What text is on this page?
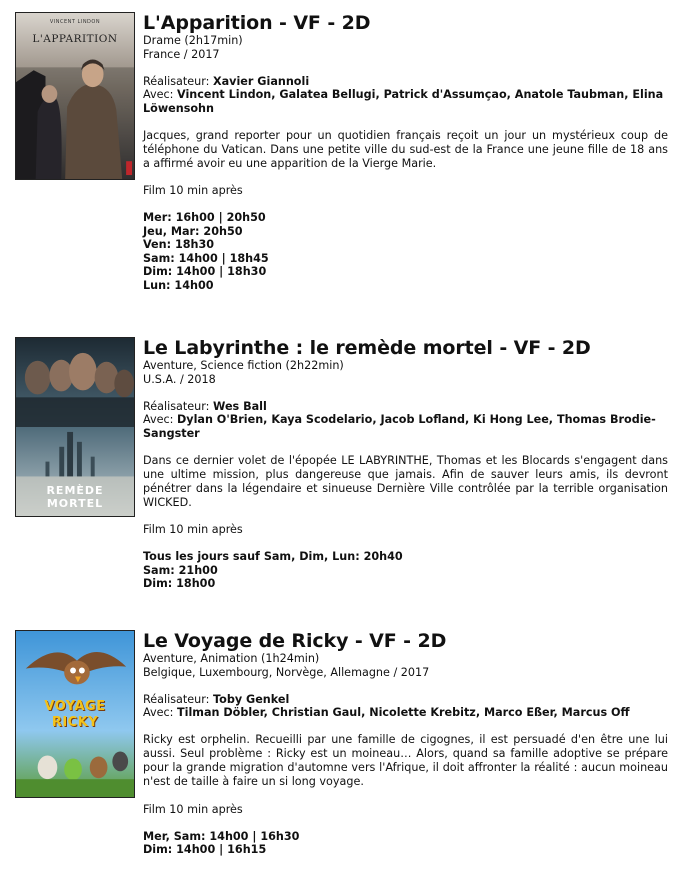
VINCENT LINDON
L'APPARITION
L'Apparition - VF - 2D
Drame (2h17min)
France / 2017
Réalisateur: Xavier Giannoli
Avec: Vincent Lindon, Galatea Bellugi, Patrick d'Assumçao, Anatole Taubman, Elina Löwensohn
Jacques, grand reporter pour un quotidien français reçoit un jour un mystérieux coup de téléphone du Vatican. Dans une petite ville du sud-est de la France une jeune fille de 18 ans a affirmé avoir eu une apparition de la Vierge Marie.
Film 10 min après
Mer: 16h00 | 20h50
Jeu, Mar: 20h50
Ven: 18h30
Sam: 14h00 | 18h45
Dim: 14h00 | 18h30
Lun: 14h00
REMÈDE
MORTEL
Le Labyrinthe : le remède mortel - VF - 2D
Aventure, Science fiction (2h22min)
U.S.A. / 2018
Réalisateur: Wes Ball
Avec: Dylan O'Brien, Kaya Scodelario, Jacob Lofland, Ki Hong Lee, Thomas Brodie-Sangster
Dans ce dernier volet de l'épopée LE LABYRINTHE, Thomas et les Blocards s'engagent dans une ultime mission, plus dangereuse que jamais. Afin de sauver leurs amis, ils devront pénétrer dans la légendaire et sinueuse Dernière Ville contrôlée par la terrible organisation WICKED.
Film 10 min après
Tous les jours sauf Sam, Dim, Lun: 20h40
Sam: 21h00
Dim: 18h00
VOYAGE
RICKY
Le Voyage de Ricky - VF - 2D
Aventure, Animation (1h24min)
Belgique, Luxembourg, Norvège, Allemagne / 2017
Réalisateur: Toby Genkel
Avec: Tilman Döbler, Christian Gaul, Nicolette Krebitz, Marco Eßer, Marcus Off
Ricky est orphelin. Recueilli par une famille de cigognes, il est persuadé d'en être une lui aussi. Seul problème : Ricky est un moineau… Alors, quand sa famille adoptive se prépare pour la grande migration d'automne vers l'Afrique, il doit affronter la réalité : aucun moineau n'est de taille à faire un si long voyage.
Film 10 min après
Mer, Sam: 14h00 | 16h30
Dim: 14h00 | 16h15
